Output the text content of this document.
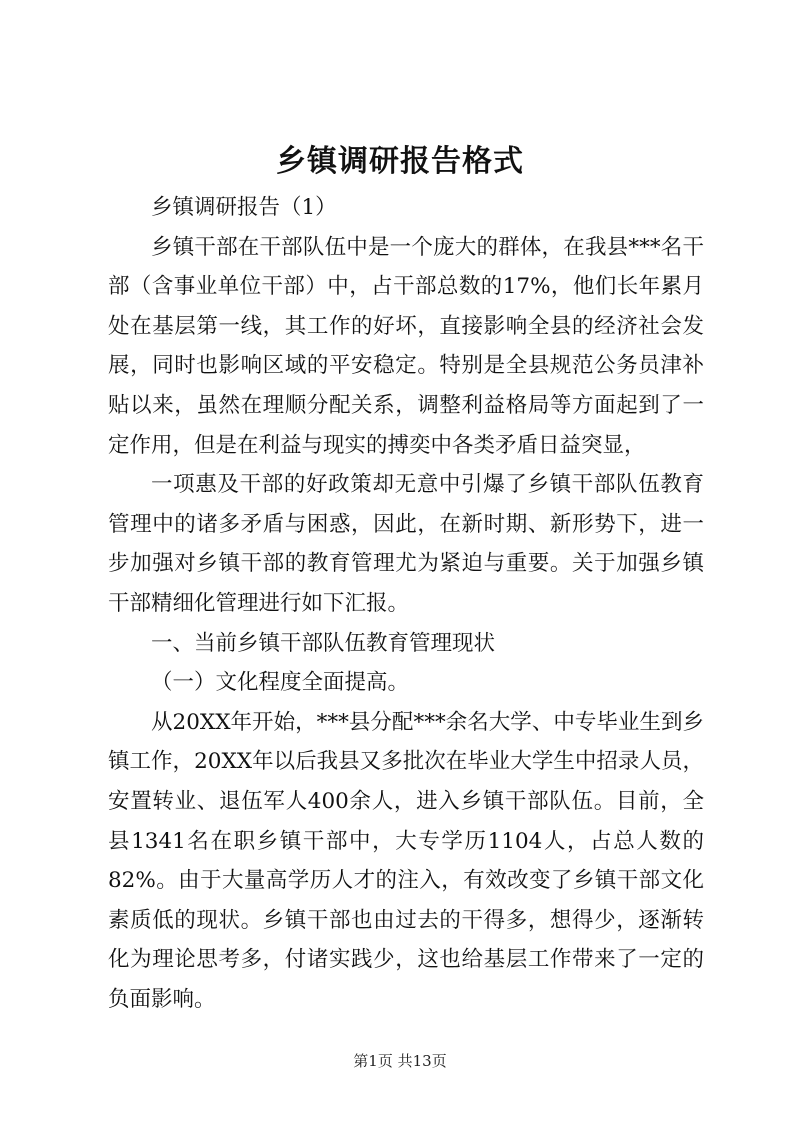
乡镇调研报告格式

乡镇调研报告（1）

乡镇干部在干部队伍中是一个庞大的群体，在我县***名干部（含事业单位干部）中，占干部总数的17%，他们长年累月处在基层第一线，其工作的好坏，直接影响全县的经济社会发展，同时也影响区域的平安稳定。特别是全县规范公务员津补贴以来，虽然在理顺分配关系，调整利益格局等方面起到了一定作用，但是在利益与现实的搏奕中各类矛盾日益突显，

一项惠及干部的好政策却无意中引爆了乡镇干部队伍教育管理中的诸多矛盾与困惑，因此，在新时期、新形势下，进一步加强对乡镇干部的教育管理尤为紧迫与重要。关于加强乡镇干部精细化管理进行如下汇报。

一、当前乡镇干部队伍教育管理现状

（一）文化程度全面提高。

从20XX年开始，***县分配***余名大学、中专毕业生到乡镇工作，20XX年以后我县又多批次在毕业大学生中招录人员，安置转业、退伍军人400余人，进入乡镇干部队伍。目前，全县1341名在职乡镇干部中，大专学历1104人，占总人数的82%。由于大量高学历人才的注入，有效改变了乡镇干部文化素质低的现状。乡镇干部也由过去的干得多，想得少，逐渐转化为理论思考多，付诸实践少，这也给基层工作带来了一定的负面影响。

第1页 共13页
